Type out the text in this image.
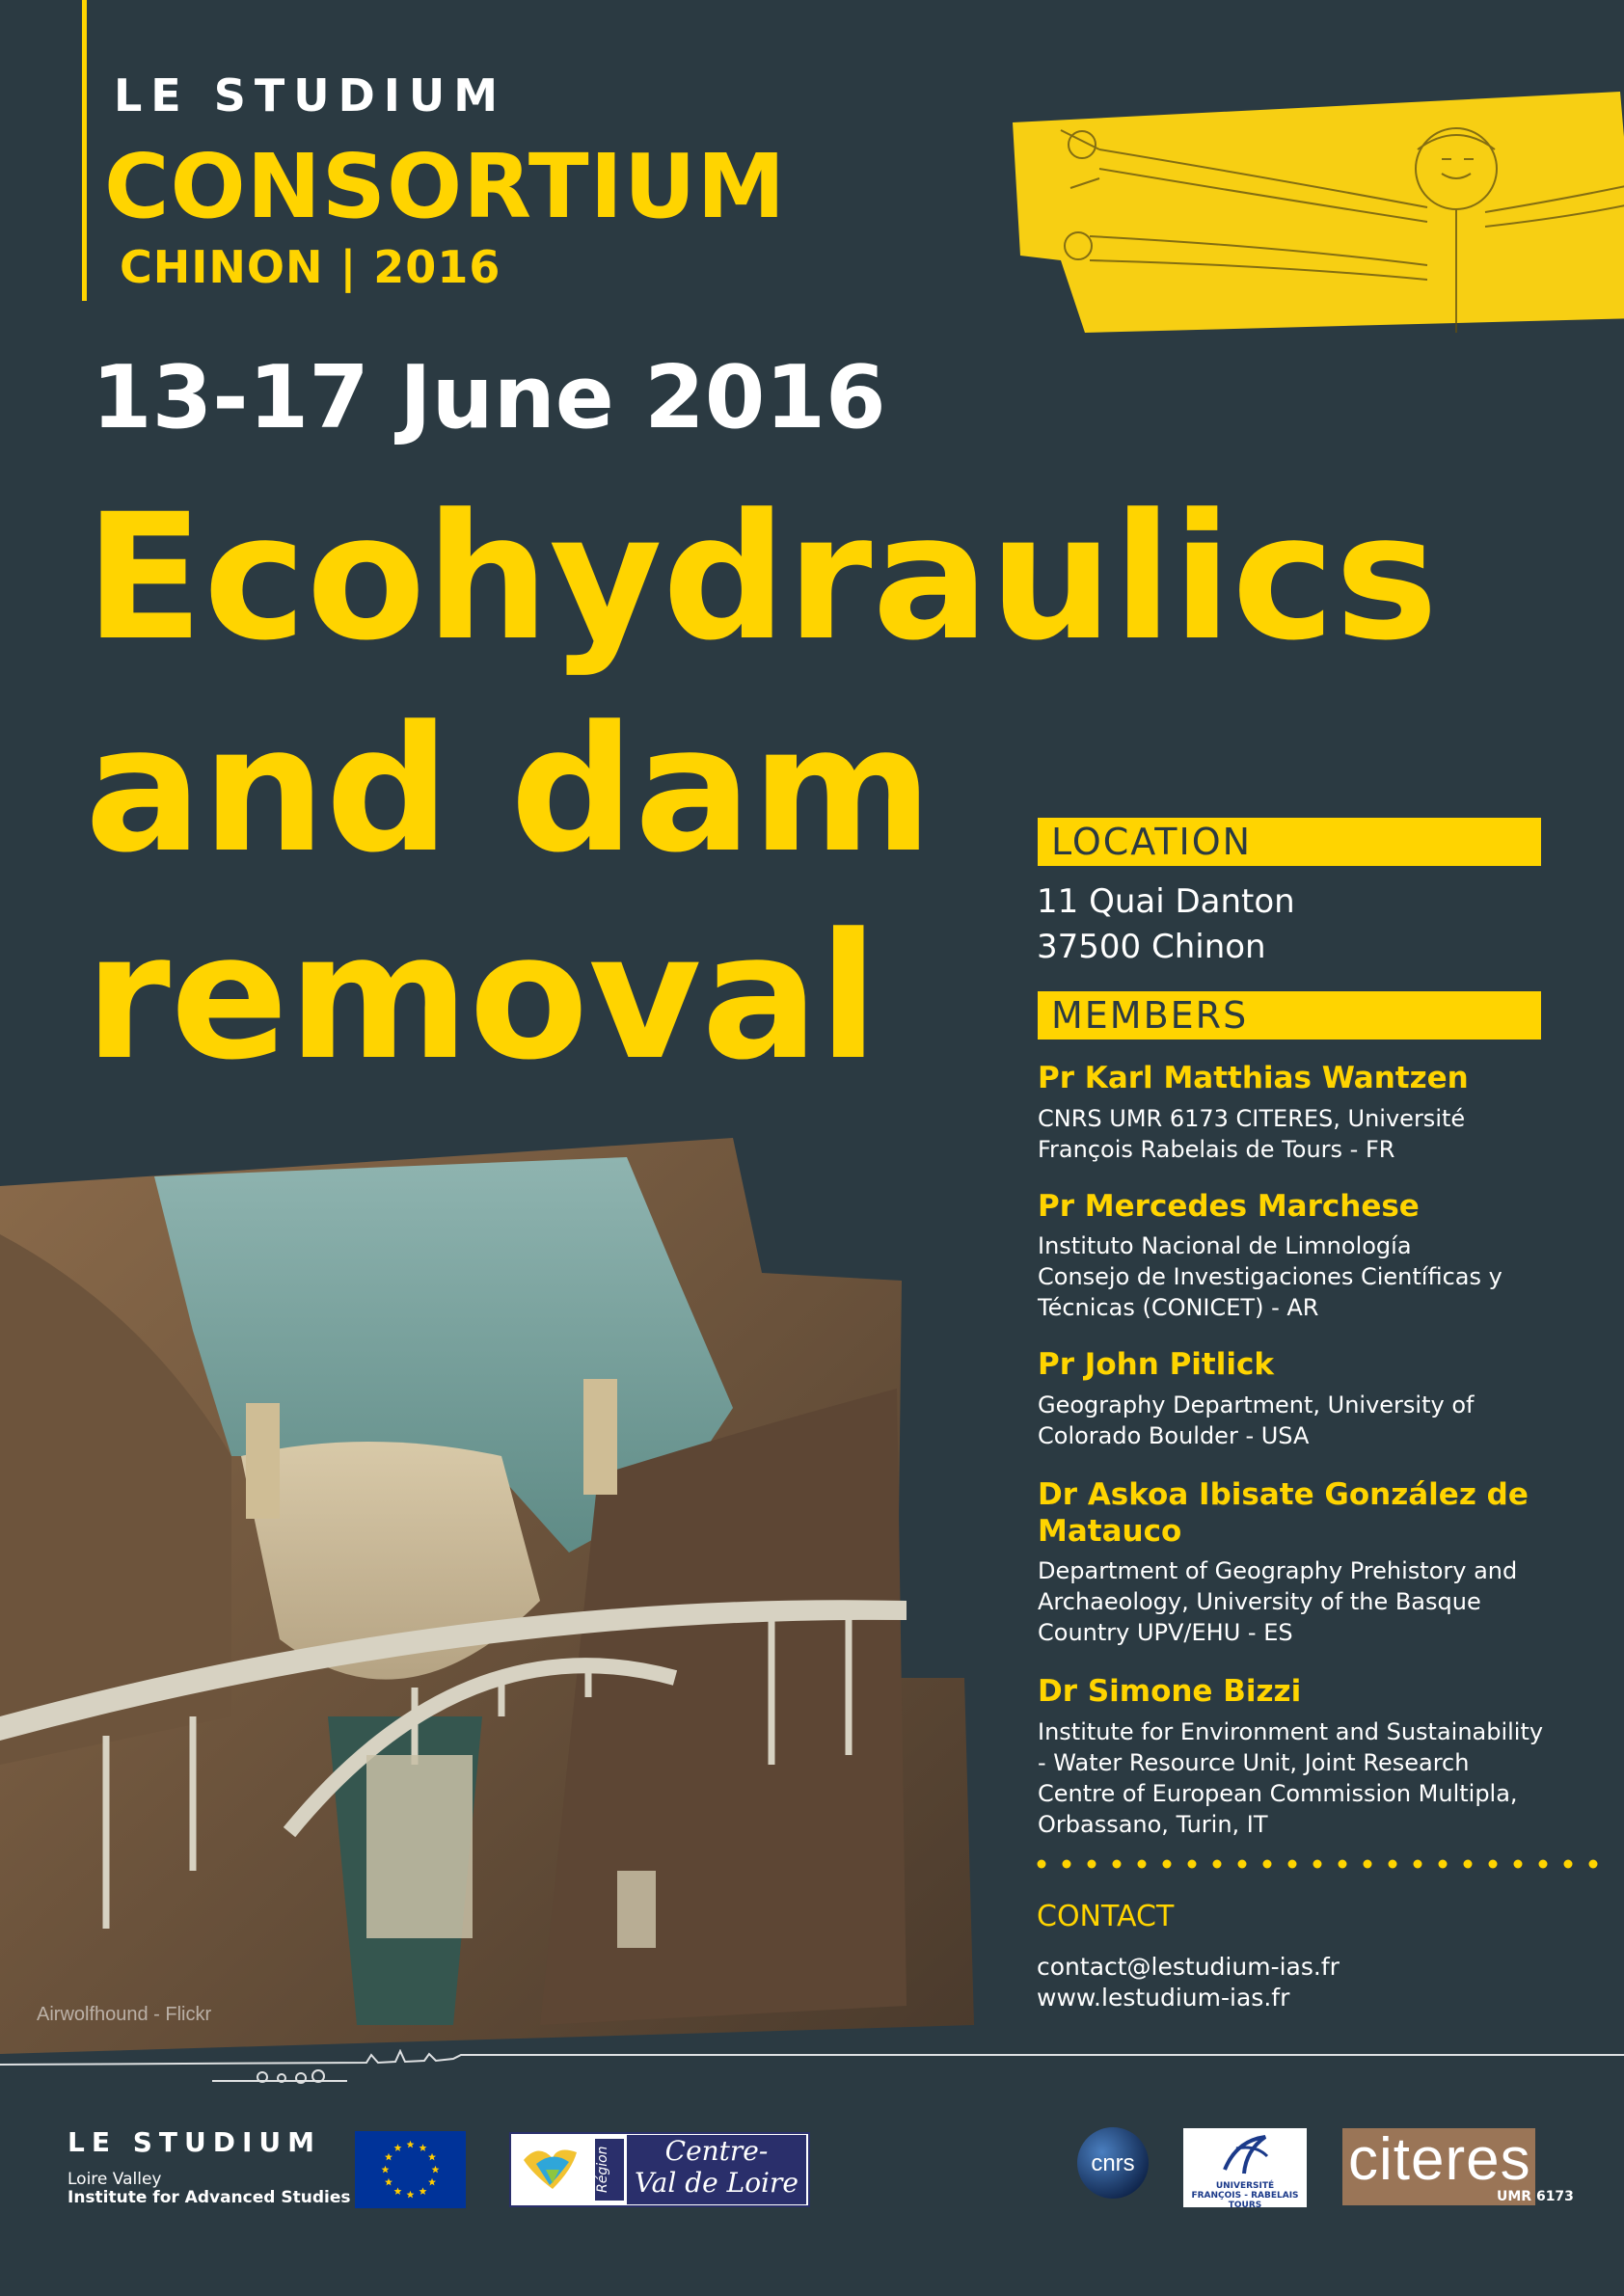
LE STUDIUM
CONSORTIUM
CHINON | 2016
13-17 June 2016
Ecohydraulics
and dam
removal
Airwolfhound - Flickr
LOCATION
11 Quai Danton
37500 Chinon
MEMBERS
Pr Karl Matthias Wantzen
CNRS UMR 6173 CITERES, Université
François Rabelais de Tours - FR
Pr Mercedes Marchese
Instituto Nacional de Limnología
Consejo de Investigaciones Científicas y
Técnicas (CONICET) - AR
Pr John Pitlick
Geography Department, University of
Colorado Boulder - USA
Dr Askoa Ibisate González de
Matauco
Department of Geography Prehistory and
Archaeology, University of the Basque
Country UPV/EHU - ES
Dr Simone Bizzi
Institute for Environment and Sustainability
- Water Resource Unit, Joint Research
Centre of European Commission Multipla,
Orbassano, Turin, IT
CONTACT
contact@lestudium-ias.fr
www.lestudium-ias.fr
LE STUDIUM
Loire Valley
Institute for Advanced Studies
Région	Centre-
Val de Loire
cnrs
UNIVERSITÉ
FRANÇOIS - RABELAIS
TOURS
citeres
UMR 6173
